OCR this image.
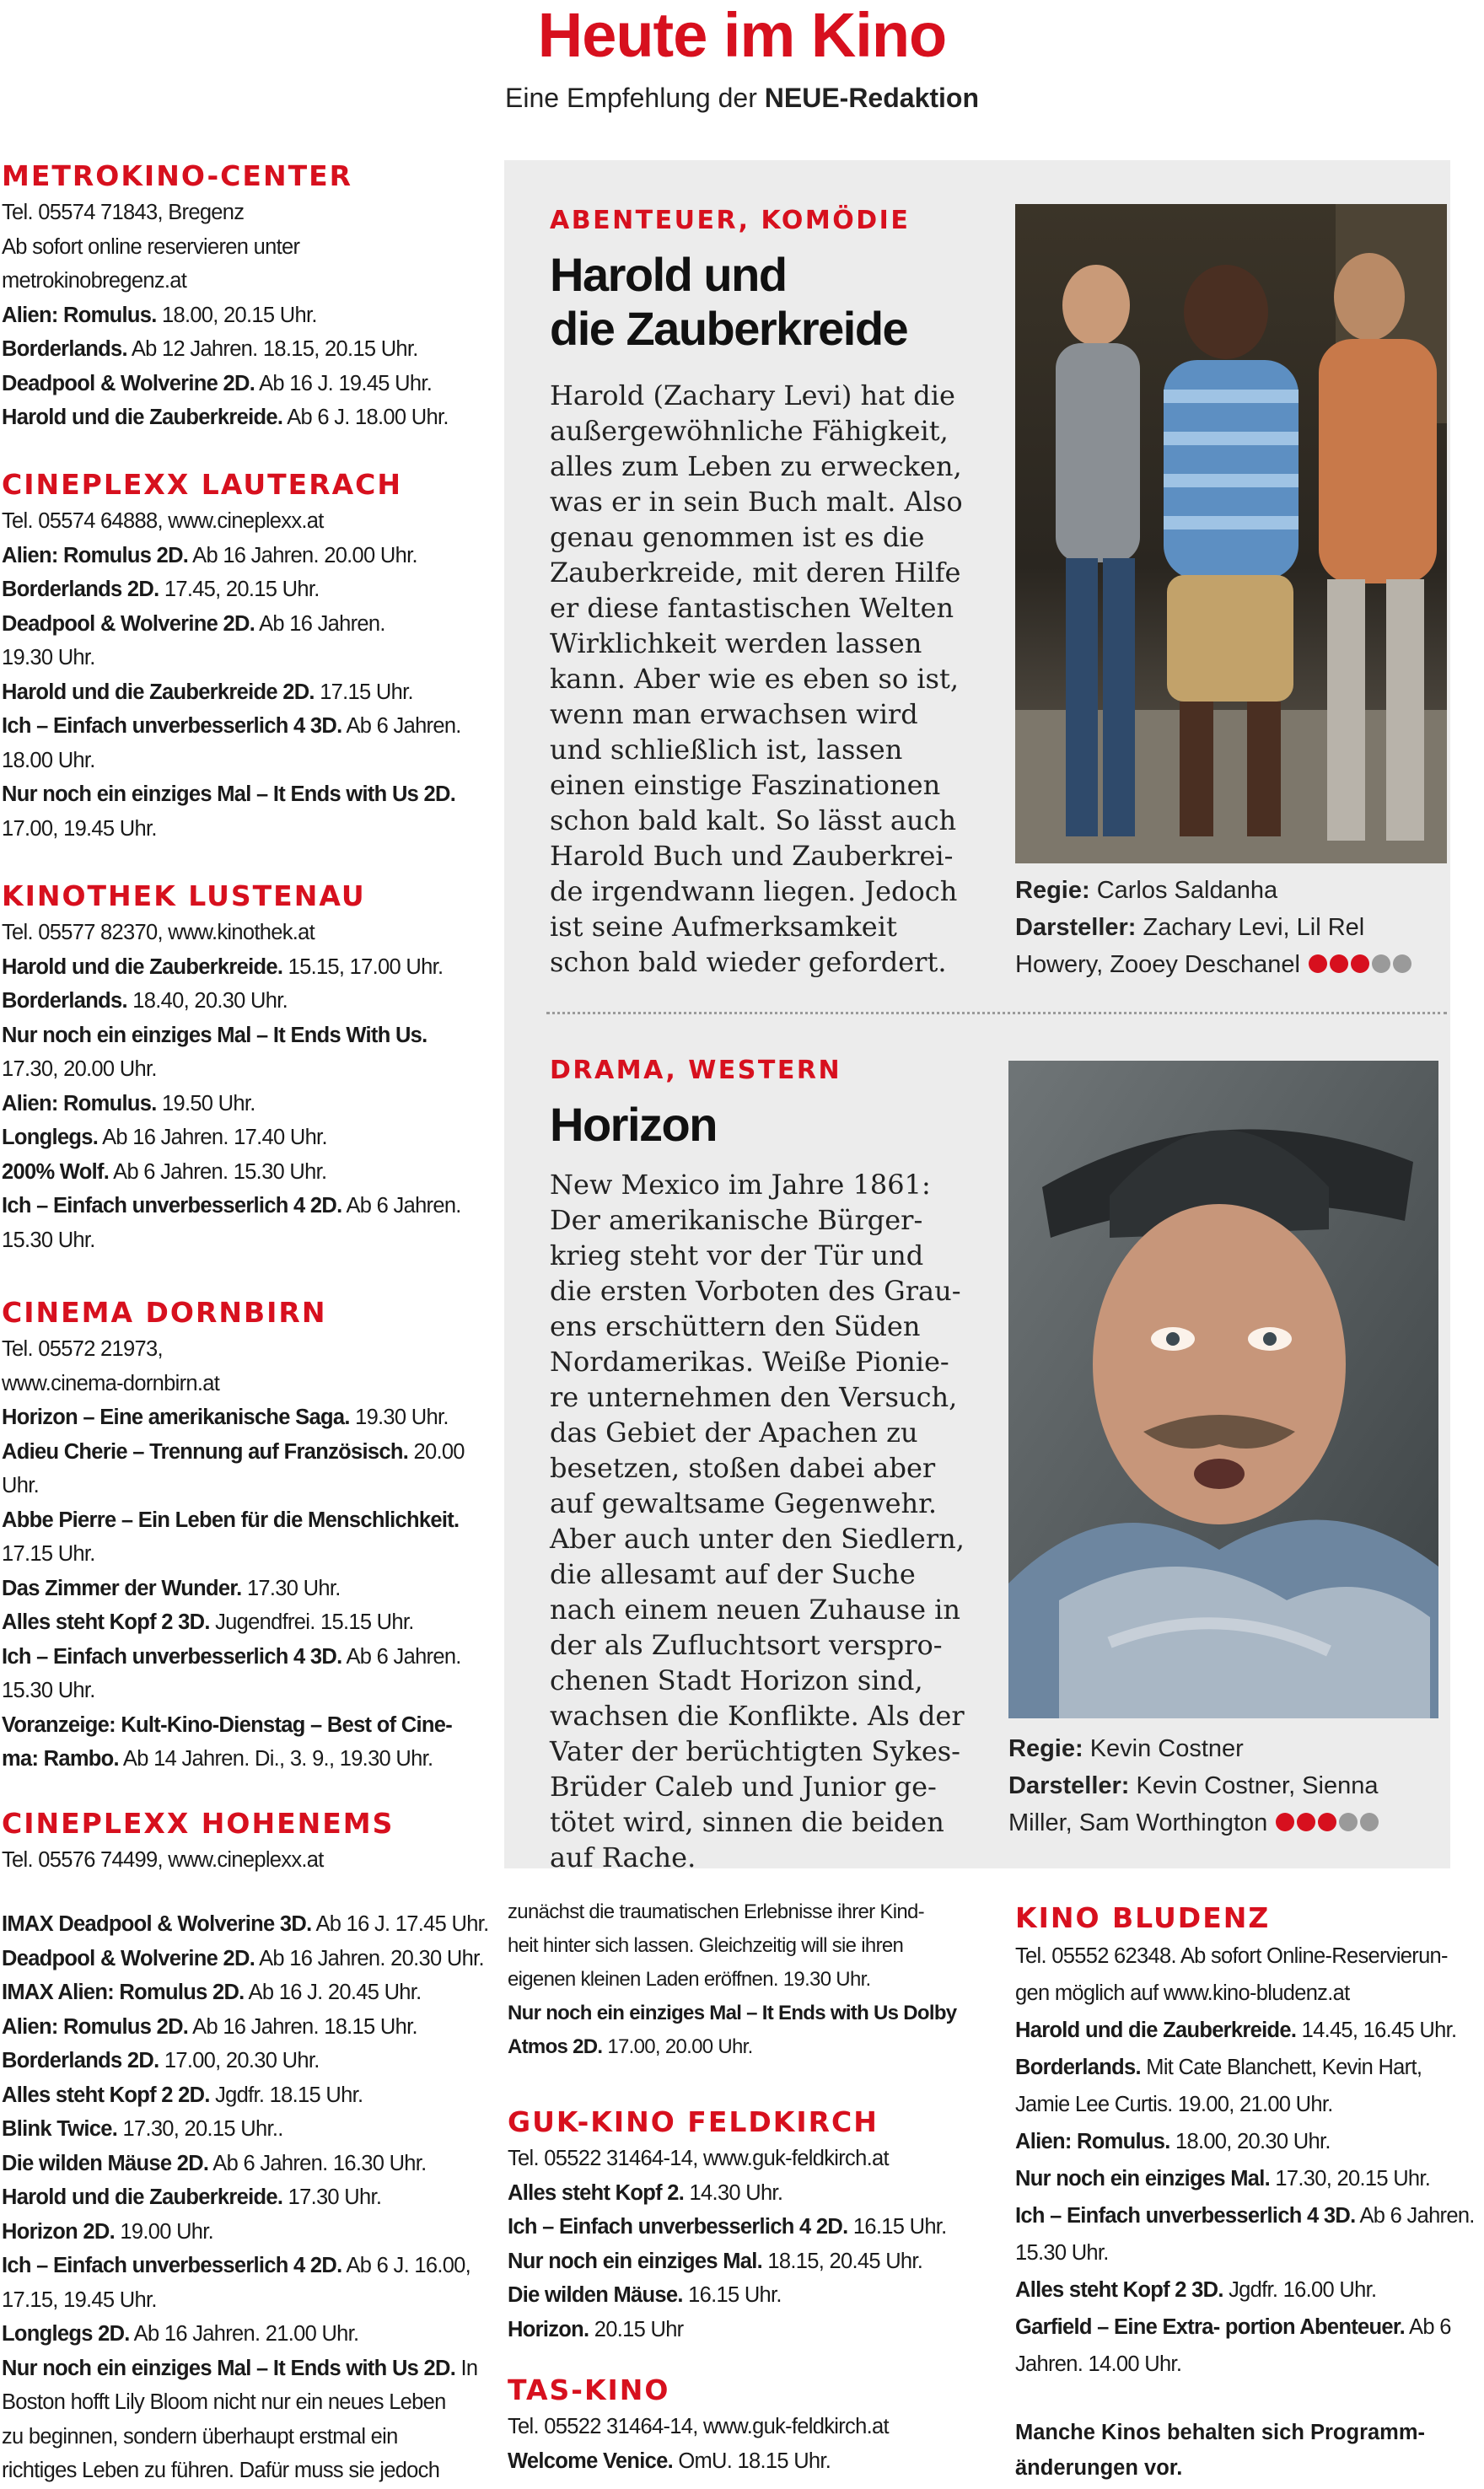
Heute im Kino
Eine Empfehlung der NEUE-Redaktion
METROKINO-CENTER
Tel. 05574 71843, Bregenz
Ab sofort online reservieren unter
metrokinobregenz.at
Alien: Romulus. 18.00, 20.15 Uhr.
Borderlands. Ab 12 Jahren. 18.15, 20.15 Uhr.
Deadpool & Wolverine 2D. Ab 16 J. 19.45 Uhr.
Harold und die Zauberkreide. Ab 6 J. 18.00 Uhr.
CINEPLEXX LAUTERACH
Tel. 05574 64888, www.cineplexx.at
Alien: Romulus 2D. Ab 16 Jahren. 20.00 Uhr.
Borderlands 2D. 17.45, 20.15 Uhr.
Deadpool & Wolverine 2D. Ab 16 Jahren.
19.30 Uhr.
Harold und die Zauberkreide 2D. 17.15 Uhr.
Ich – Einfach unverbesserlich 4 3D. Ab 6 Jahren.
18.00 Uhr.
Nur noch ein einziges Mal – It Ends with Us 2D.
17.00, 19.45 Uhr.
KINOTHEK LUSTENAU
Tel. 05577 82370, www.kinothek.at
Harold und die Zauberkreide. 15.15, 17.00 Uhr.
Borderlands. 18.40, 20.30 Uhr.
Nur noch ein einziges Mal – It Ends With Us.
17.30, 20.00 Uhr.
Alien: Romulus. 19.50 Uhr.
Longlegs. Ab 16 Jahren. 17.40 Uhr.
200% Wolf. Ab 6 Jahren. 15.30 Uhr.
Ich – Einfach unverbesserlich 4 2D. Ab 6 Jahren.
15.30 Uhr.
CINEMA DORNBIRN
Tel. 05572 21973,
www.cinema-dornbirn.at
Horizon – Eine amerikanische Saga. 19.30 Uhr.
Adieu Cherie – Trennung auf Französisch. 20.00
Uhr.
Abbe Pierre – Ein Leben für die Menschlichkeit.
17.15 Uhr.
Das Zimmer der Wunder. 17.30 Uhr.
Alles steht Kopf 2 3D. Jugendfrei. 15.15 Uhr.
Ich – Einfach unverbesserlich 4 3D. Ab 6 Jahren.
15.30 Uhr.
Voranzeige: Kult-Kino-Dienstag – Best of Cine-
ma: Rambo. Ab 14 Jahren. Di., 3. 9., 19.30 Uhr.
CINEPLEXX HOHENEMS
Tel. 05576 74499, www.cineplexx.at
IMAX Deadpool & Wolverine 3D. Ab 16 J. 17.45 Uhr.
Deadpool & Wolverine 2D. Ab 16 Jahren. 20.30 Uhr.
IMAX Alien: Romulus 2D. Ab 16 J. 20.45 Uhr.
Alien: Romulus 2D. Ab 16 Jahren. 18.15 Uhr.
Borderlands 2D. 17.00, 20.30 Uhr.
Alles steht Kopf 2 2D. Jgdfr. 18.15 Uhr.
Blink Twice. 17.30, 20.15 Uhr..
Die wilden Mäuse 2D. Ab 6 Jahren. 16.30 Uhr.
Harold und die Zauberkreide. 17.30 Uhr.
Horizon 2D. 19.00 Uhr.
Ich – Einfach unverbesserlich 4 2D. Ab 6 J. 16.00,
17.15, 19.45 Uhr.
Longlegs 2D. Ab 16 Jahren. 21.00 Uhr.
Nur noch ein einziges Mal – It Ends with Us 2D. In
Boston hofft Lily Bloom nicht nur ein neues Leben
zu beginnen, sondern überhaupt erstmal ein
richtiges Leben zu führen. Dafür muss sie jedoch
ABENTEUER, KOMÖDIE
Harold und
die Zauberkreide
Harold (Zachary Levi) hat die
außergewöhnliche Fähigkeit,
alles zum Leben zu erwecken,
was er in sein Buch malt. Also
genau genommen ist es die
Zauberkreide, mit deren Hilfe
er diese fantastischen Welten
Wirklichkeit werden lassen
kann. Aber wie es eben so ist,
wenn man erwachsen wird
und schließlich ist, lassen
einen einstige Faszinationen
schon bald kalt. So lässt auch
Harold Buch und Zauberkrei-
de irgendwann liegen. Jedoch
ist seine Aufmerksamkeit
schon bald wieder gefordert.
Regie: Carlos Saldanha
Darsteller: Zachary Levi, Lil Rel
Howery, Zooey Deschanel
DRAMA, WESTERN
Horizon
New Mexico im Jahre 1861:
Der amerikanische Bürger-
krieg steht vor der Tür und
die ersten Vorboten des Grau-
ens erschüttern den Süden
Nordamerikas. Weiße Pionie-
re unternehmen den Versuch,
das Gebiet der Apachen zu
besetzen, stoßen dabei aber
auf gewaltsame Gegenwehr.
Aber auch unter den Siedlern,
die allesamt auf der Suche
nach einem neuen Zuhause in
der als Zufluchtsort verspro-
chenen Stadt Horizon sind,
wachsen die Konflikte. Als der
Vater der berüchtigten Sykes-
Brüder Caleb und Junior ge-
tötet wird, sinnen die beiden
auf Rache.
Regie: Kevin Costner
Darsteller: Kevin Costner, Sienna
Miller, Sam Worthington
zunächst die traumatischen Erlebnisse ihrer Kind-
heit hinter sich lassen. Gleichzeitig will sie ihren
eigenen kleinen Laden eröffnen. 19.30 Uhr.
Nur noch ein einziges Mal – It Ends with Us Dolby
Atmos 2D. 17.00, 20.00 Uhr.
GUK-KINO FELDKIRCH
Tel. 05522 31464-14, www.guk-feldkirch.at
Alles steht Kopf 2. 14.30 Uhr.
Ich – Einfach unverbesserlich 4 2D. 16.15 Uhr.
Nur noch ein einziges Mal. 18.15, 20.45 Uhr.
Die wilden Mäuse. 16.15 Uhr.
Horizon. 20.15 Uhr
TAS-KINO
Tel. 05522 31464-14, www.guk-feldkirch.at
Welcome Venice. OmU. 18.15 Uhr.
KINO BLUDENZ
Tel. 05552 62348. Ab sofort Online-Reservierun-
gen möglich auf www.kino-bludenz.at
Harold und die Zauberkreide. 14.45, 16.45 Uhr.
Borderlands. Mit Cate Blanchett, Kevin Hart,
Jamie Lee Curtis. 19.00, 21.00 Uhr.
Alien: Romulus. 18.00, 20.30 Uhr.
Nur noch ein einziges Mal. 17.30, 20.15 Uhr.
Ich – Einfach unverbesserlich 4 3D. Ab 6 Jahren.
15.30 Uhr.
Alles steht Kopf 2 3D. Jgdfr. 16.00 Uhr.
Garfield – Eine Extra- portion Abenteuer. Ab 6
Jahren. 14.00 Uhr.
Manche Kinos behalten sich Programm-
änderungen vor.
